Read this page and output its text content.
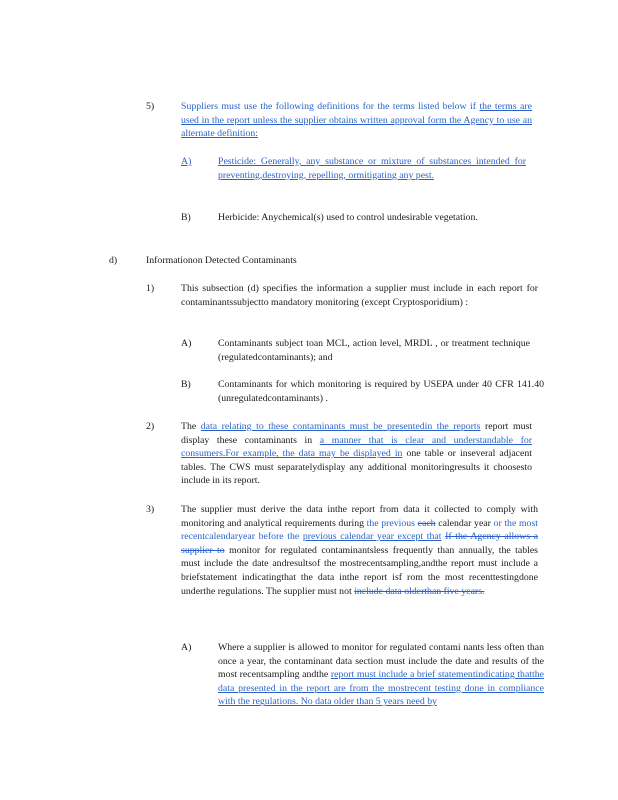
5)	Suppliers must use the following definitions for the terms listed below if the terms are used in the report unless the supplier obtains written approval form the Agency to use an alternate definition:
A)	Pesticide: Generally, any substance or mixture of substances intended for preventing,destroying, repelling, ormitigating any pest.
B)	Herbicide: Anychemical(s) used to control undesirable vegetation.
d)	Informationon Detected Contaminants
1)	This subsection (d) specifies the information a supplier must include in each report for contaminantssubjectto mandatory monitoring (except Cryptosporidium) :
A)	Contaminants subject toan MCL, action level, MRDL , or treatment technique (regulatedcontaminants); and
B)	Contaminants for which monitoring is required by USEPA under 40 CFR 141.40 (unregulatedcontaminants) .
2)	The data relating to these contaminants must be presentedin the reports report must display these contaminants in a manner that is clear and understandable for consumers.For example, the data may be displayed in one table or inseveral adjacent tables. The CWS must separatelydisplay any additional monitoringresults it choosesto include in its report.
3)	The supplier must derive the data inthe report from data it collected to comply with monitoring and analytical requirements during the previous each calendar year or the most recentcalendaryear before the previous calendar year except that If the Agency allows a supplier to monitor for regulated contaminantsless frequently than annually, the tables must include the date andresultsof the mostrecentsampling,andthe report must include a briefstatement indicatingthat the data inthe report isf rom the most recenttestingdone underthe regulations. The supplier must not include data olderthan five years.
A)	Where a supplier is allowed to monitor for regulated contami nants less often than once a year, the contaminant data section must include the date and results of the most recentsampling andthe report must include a brief statementindicating thatthe data presented in the report are from the mostrecent testing done in compliance with the regulations. No data older than 5 years need by
